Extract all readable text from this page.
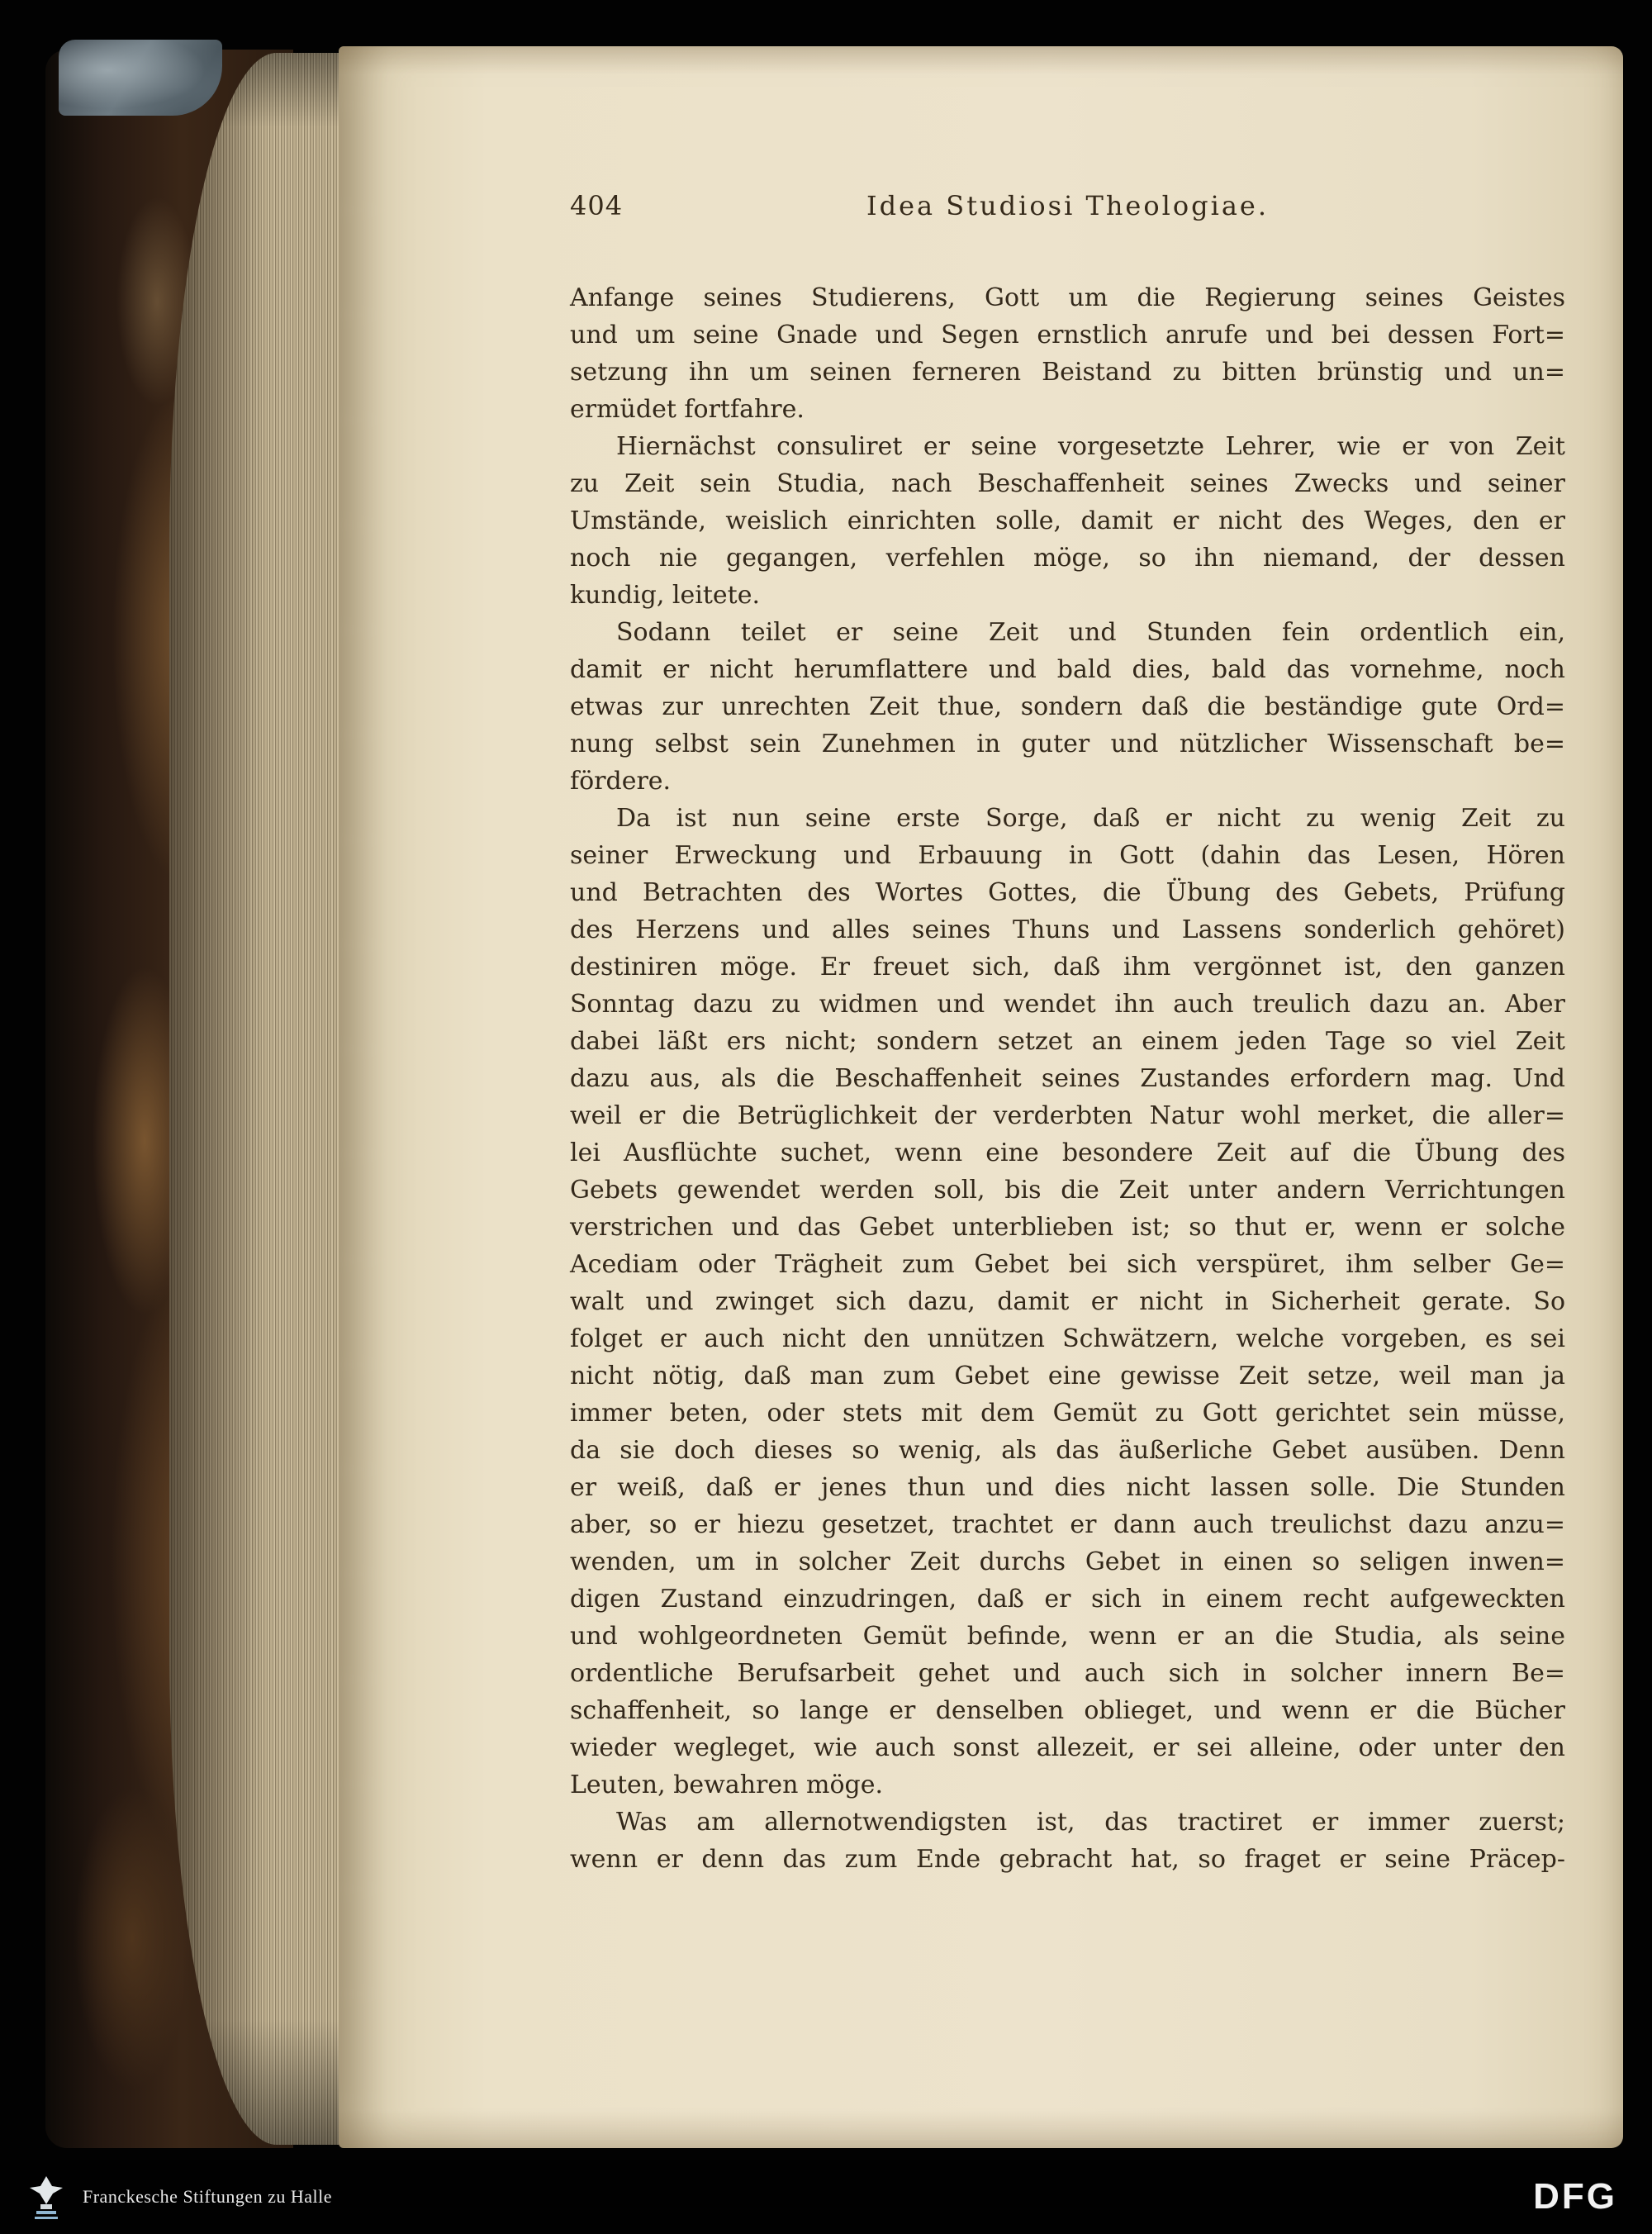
404	Idea Studiosi Theologiae.
Anfange seines Studierens, Gott um die Regierung seines Geistes
und um seine Gnade und Segen ernstlich anrufe und bei dessen Fort=
setzung ihn um seinen ferneren Beistand zu bitten brünstig und un=
ermüdet fortfahre.
Hiernächst consuliret er seine vorgesetzte Lehrer, wie er von Zeit
zu Zeit sein Studia, nach Beschaffenheit seines Zwecks und seiner
Umstände, weislich einrichten solle, damit er nicht des Weges, den er
noch nie gegangen, verfehlen möge, so ihn niemand, der dessen
kundig, leitete.
Sodann teilet er seine Zeit und Stunden fein ordentlich ein,
damit er nicht herumflattere und bald dies, bald das vornehme, noch
etwas zur unrechten Zeit thue, sondern daß die beständige gute Ord=
nung selbst sein Zunehmen in guter und nützlicher Wissenschaft be=
fördere.
Da ist nun seine erste Sorge, daß er nicht zu wenig Zeit zu
seiner Erweckung und Erbauung in Gott (dahin das Lesen, Hören
und Betrachten des Wortes Gottes, die Übung des Gebets, Prüfung
des Herzens und alles seines Thuns und Lassens sonderlich gehöret)
destiniren möge. Er freuet sich, daß ihm vergönnet ist, den ganzen
Sonntag dazu zu widmen und wendet ihn auch treulich dazu an. Aber
dabei läßt ers nicht; sondern setzet an einem jeden Tage so viel Zeit
dazu aus, als die Beschaffenheit seines Zustandes erfordern mag. Und
weil er die Betrüglichkeit der verderbten Natur wohl merket, die aller=
lei Ausflüchte suchet, wenn eine besondere Zeit auf die Übung des
Gebets gewendet werden soll, bis die Zeit unter andern Verrichtungen
verstrichen und das Gebet unterblieben ist; so thut er, wenn er solche
Acediam oder Trägheit zum Gebet bei sich verspüret, ihm selber Ge=
walt und zwinget sich dazu, damit er nicht in Sicherheit gerate. So
folget er auch nicht den unnützen Schwätzern, welche vorgeben, es sei
nicht nötig, daß man zum Gebet eine gewisse Zeit setze, weil man ja
immer beten, oder stets mit dem Gemüt zu Gott gerichtet sein müsse,
da sie doch dieses so wenig, als das äußerliche Gebet ausüben. Denn
er weiß, daß er jenes thun und dies nicht lassen solle. Die Stunden
aber, so er hiezu gesetzet, trachtet er dann auch treulichst dazu anzu=
wenden, um in solcher Zeit durchs Gebet in einen so seligen inwen=
digen Zustand einzudringen, daß er sich in einem recht aufgeweckten
und wohlgeordneten Gemüt befinde, wenn er an die Studia, als seine
ordentliche Berufsarbeit gehet und auch sich in solcher innern Be=
schaffenheit, so lange er denselben oblieget, und wenn er die Bücher
wieder wegleget, wie auch sonst allezeit, er sei alleine, oder unter den
Leuten, bewahren möge.
Was am allernotwendigsten ist, das tractiret er immer zuerst;
wenn er denn das zum Ende gebracht hat, so fraget er seine Präcep-
Franckesche Stiftungen zu Halle	DFG
